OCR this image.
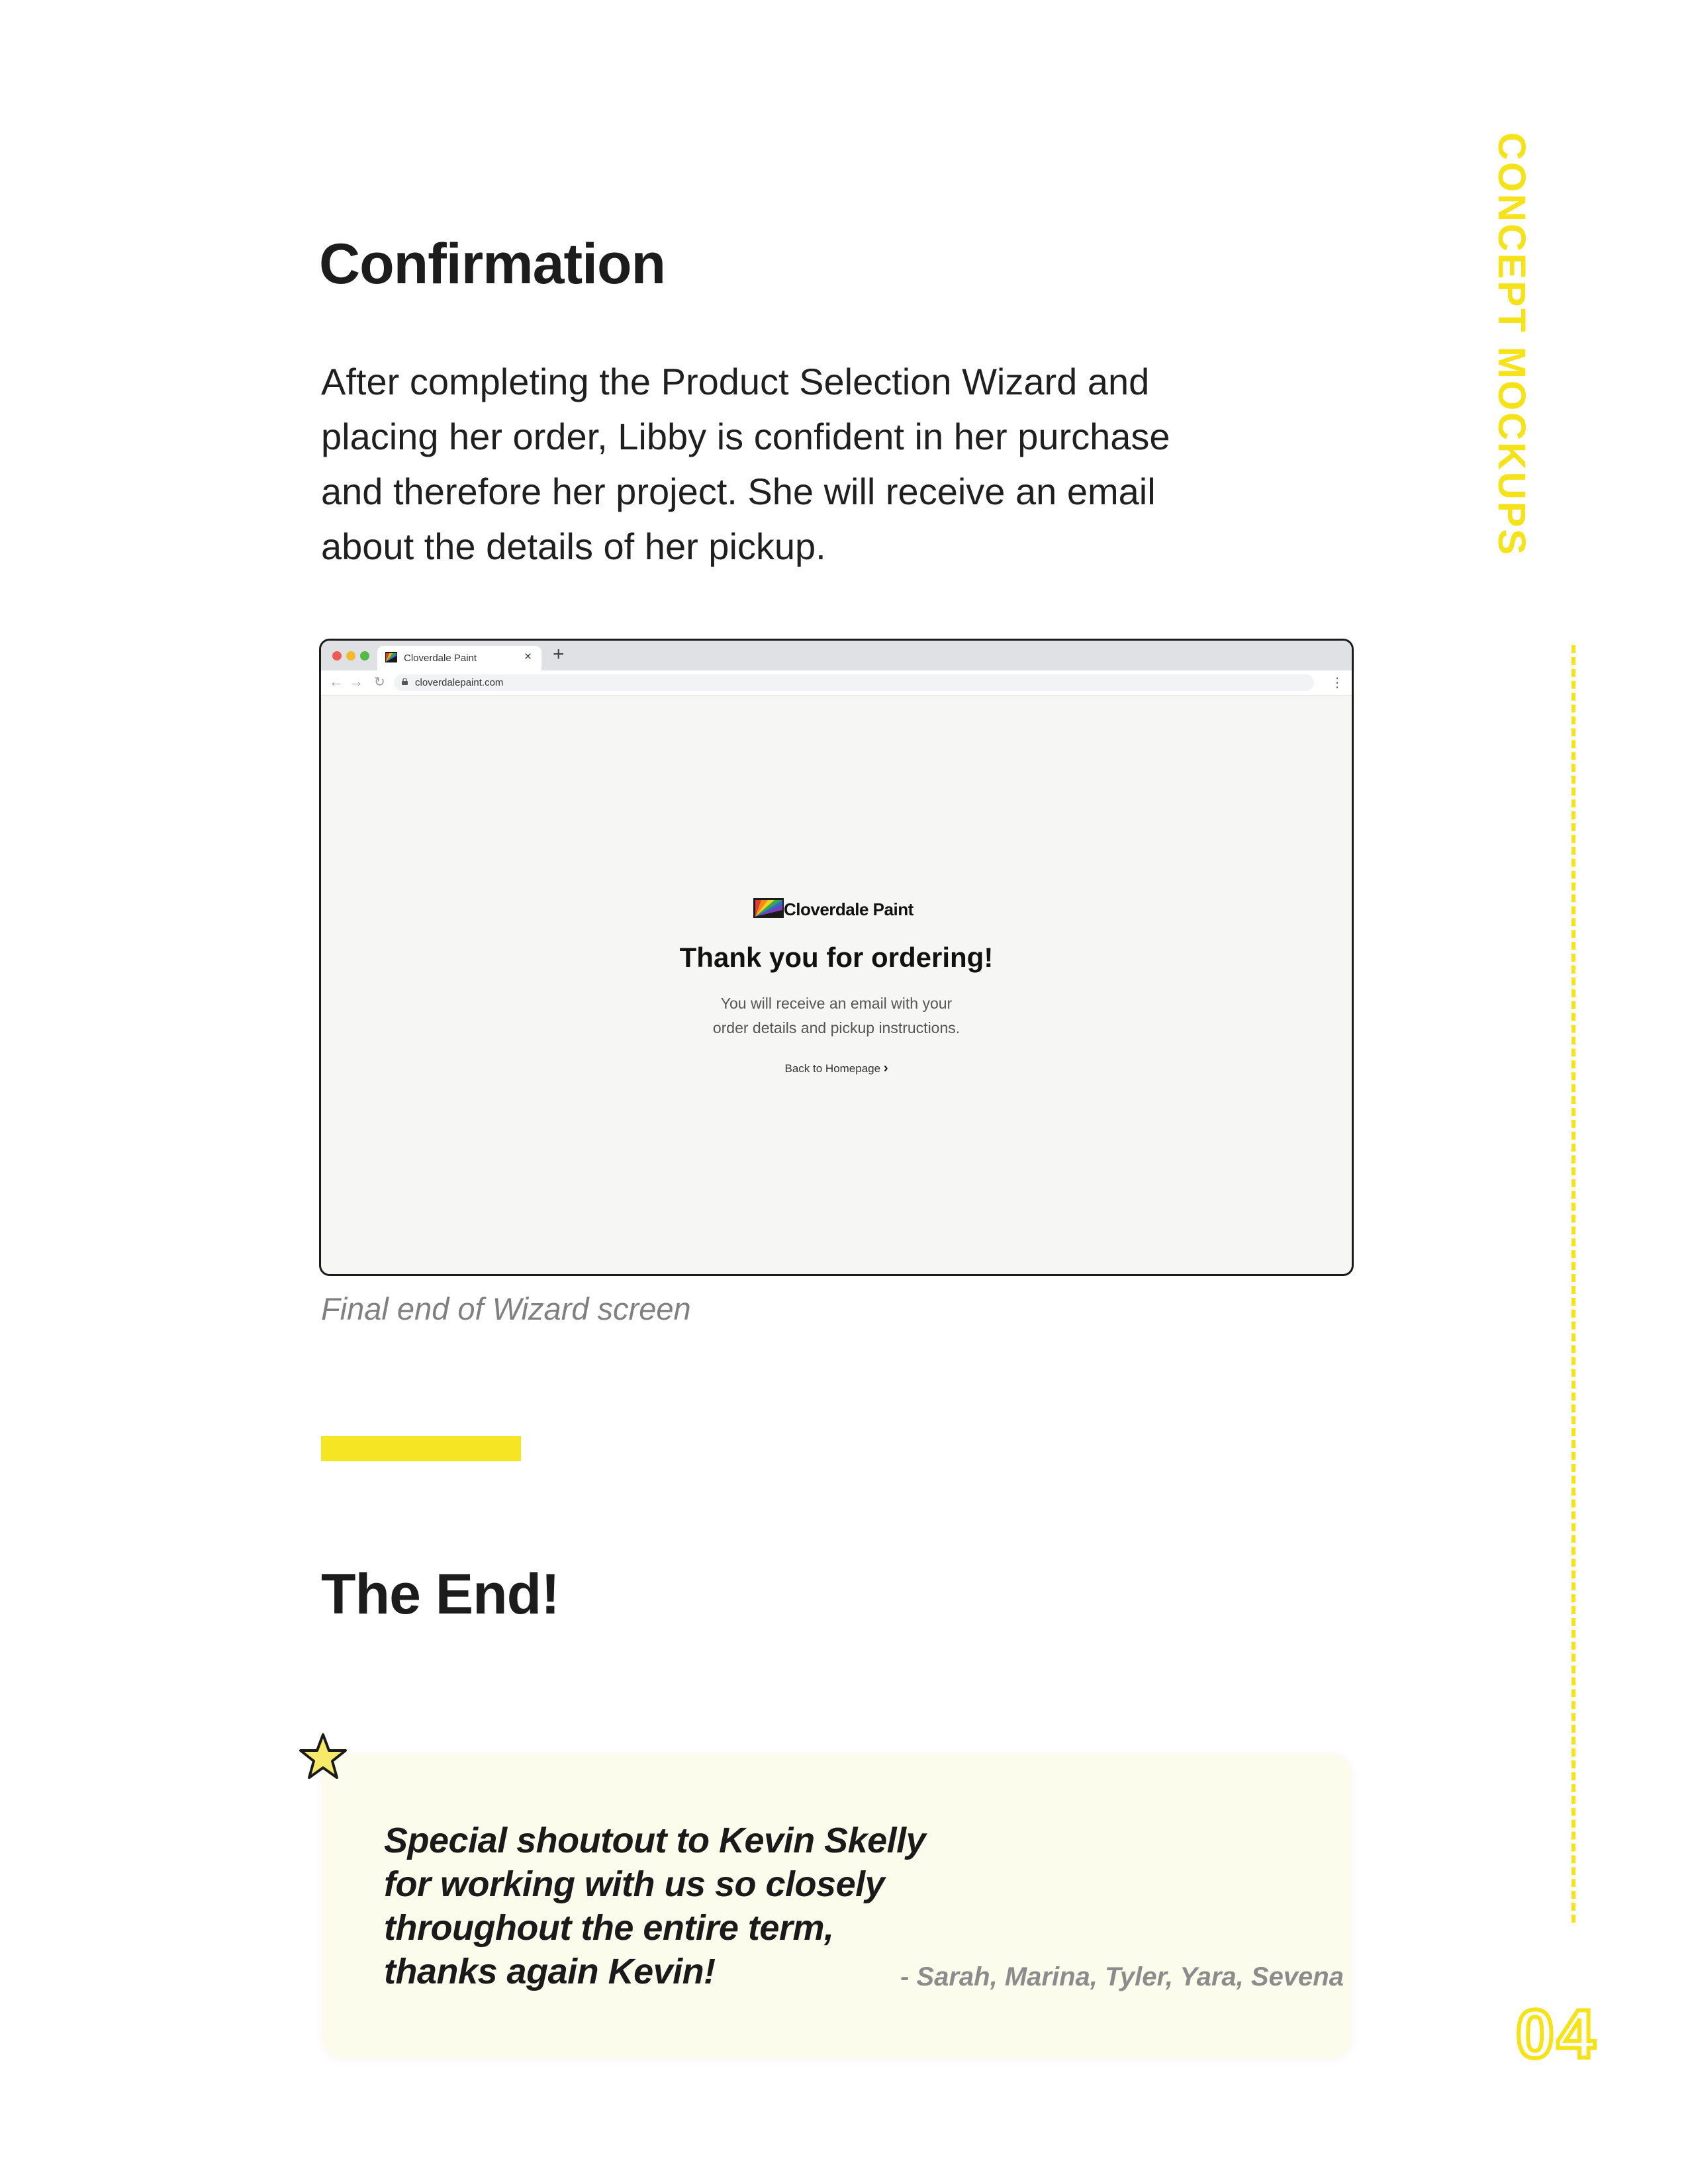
Confirmation
After completing the Product Selection Wizard and placing her order, Libby is confident in her purchase and therefore her project. She will receive an email about the details of her pickup.
Cloverdale Paint	× +
← → ↻	cloverdalepaint.com	⋮
Cloverdale Paint
Thank you for ordering!
You will receive an email with your
order details and pickup instructions.
Back to Homepage ›
Final end of Wizard screen
The End!
Special shoutout to Kevin Skelly
for working with us so closely
throughout the entire term,
thanks again Kevin!	- Sarah, Marina, Tyler, Yara, Sevena
CONCEPT MOCKUPS
04
